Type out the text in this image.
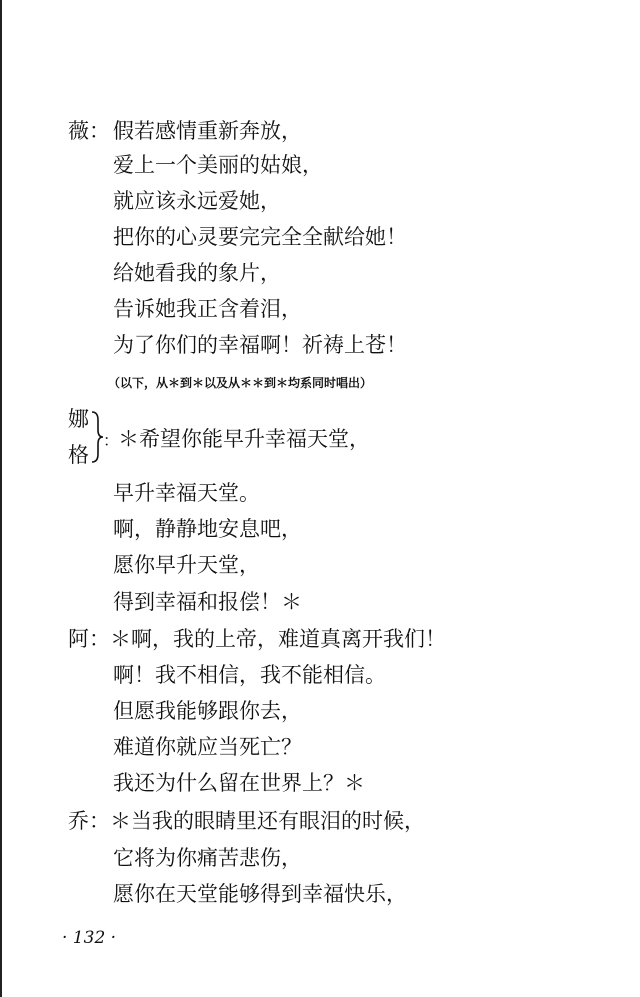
薇： 假若感情重新奔放，
爱上一个美丽的姑娘，
就应该永远爱她，
把你的心灵要完完全全献给她！
给她看我的象片，
告诉她我正含着泪，
为了你们的幸福啊！祈祷上苍！
（以下，从＊到＊以及从＊＊到＊均系同时唱出）
娜
格
：
＊希望你能早升幸福天堂，
早升幸福天堂。
啊，静静地安息吧，
愿你早升天堂，
得到幸福和报偿！＊
阿： ＊啊，我的上帝，难道真离开我们！
啊！我不相信，我不能相信。
但愿我能够跟你去，
难道你就应当死亡？
我还为什么留在世界上？＊
乔： ＊当我的眼睛里还有眼泪的时候，
它将为你痛苦悲伤，
愿你在天堂能够得到幸福快乐，
· 132 ·
